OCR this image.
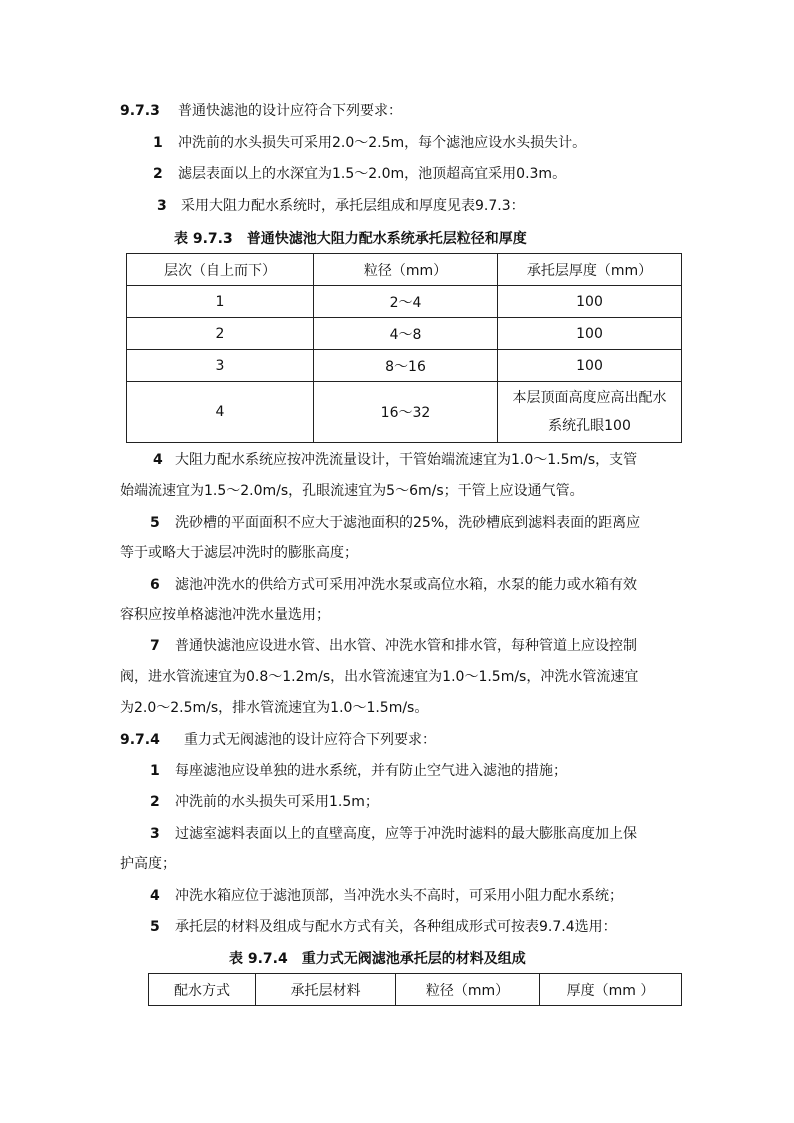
9.7.3 普通快滤池的设计应符合下列要求：
1 冲洗前的水头损失可采用2.0～2.5m，每个滤池应设水头损失计。
2 滤层表面以上的水深宜为1.5～2.0m，池顶超高宜采用0.3m。
3 采用大阻力配水系统时，承托层组成和厚度见表9.7.3：
表 9.7.3　普通快滤池大阻力配水系统承托层粒径和厚度
层次（自上而下）	粒径（mm）	承托层厚度（mm）
1	2～4	100
2	4～8	100
3	8～16	100
4	16～32	本层顶面高度应高出配水
系统孔眼100
4 大阻力配水系统应按冲洗流量设计，干管始端流速宜为1.0～1.5m/s，支管
始端流速宜为1.5～2.0m/s，孔眼流速宜为5～6m/s；干管上应设通气管。
5 洗砂槽的平面面积不应大于滤池面积的25%，洗砂槽底到滤料表面的距离应
等于或略大于滤层冲洗时的膨胀高度；
6 滤池冲洗水的供给方式可采用冲洗水泵或高位水箱，水泵的能力或水箱有效
容积应按单格滤池冲洗水量选用；
7 普通快滤池应设进水管、出水管、冲洗水管和排水管，每种管道上应设控制
阀，进水管流速宜为0.8～1.2m/s，出水管流速宜为1.0～1.5m/s，冲洗水管流速宜
为2.0～2.5m/s，排水管流速宜为1.0～1.5m/s。
9.7.4 重力式无阀滤池的设计应符合下列要求：
1 每座滤池应设单独的进水系统，并有防止空气进入滤池的措施；
2 冲洗前的水头损失可采用1.5m；
3 过滤室滤料表面以上的直壁高度，应等于冲洗时滤料的最大膨胀高度加上保
护高度；
4 冲洗水箱应位于滤池顶部，当冲洗水头不高时，可采用小阻力配水系统；
5 承托层的材料及组成与配水方式有关，各种组成形式可按表9.7.4选用：
表 9.7.4　重力式无阀滤池承托层的材料及组成
配水方式	承托层材料	粒径（mm）	厚度（mm ）
